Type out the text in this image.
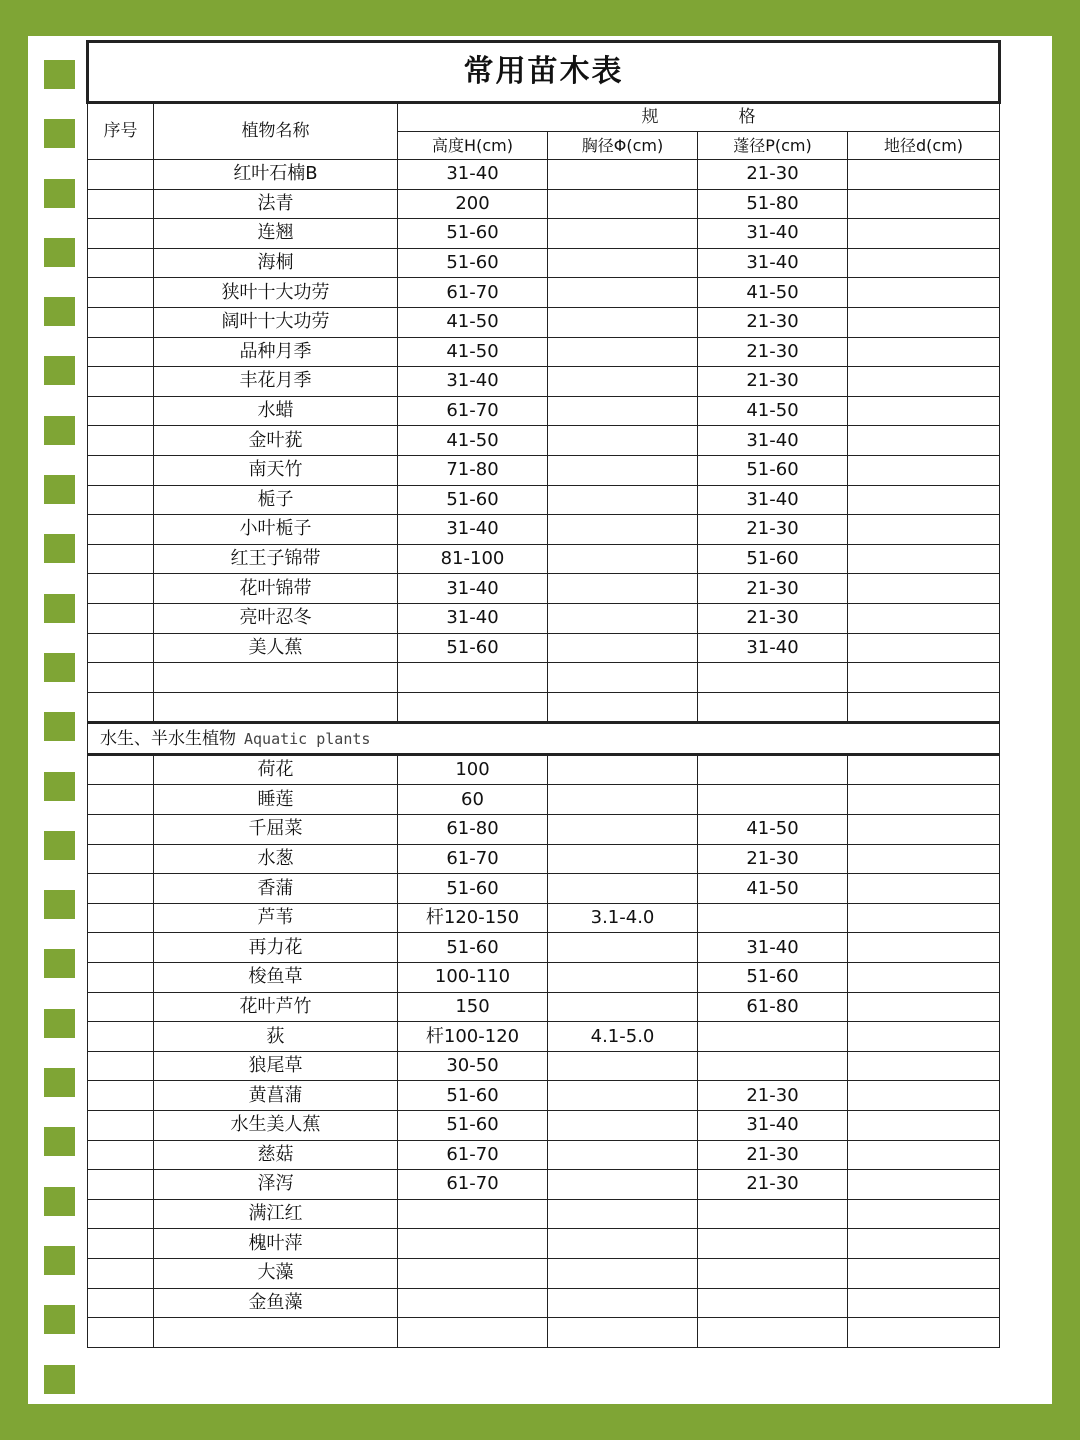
常用苗木表					
序号	植物名称	规 格			
		高度H(cm)	胸径Φ(cm)	蓬径P(cm)	地径d(cm)
	红叶石楠B	31-40		21-30	
	法青	200		51-80	
	连翘	51-60		31-40	
	海桐	51-60		31-40	
	狭叶十大功劳	61-70		41-50	
	阔叶十大功劳	41-50		21-30	
	品种月季	41-50		21-30	
	丰花月季	31-40		21-30	
	水蜡	61-70		41-50	
	金叶莸	41-50		31-40	
	南天竹	71-80		51-60	
	栀子	51-60		31-40	
	小叶栀子	31-40		21-30	
	红王子锦带	81-100		51-60	
	花叶锦带	31-40		21-30	
	亮叶忍冬	31-40		21-30	
	美人蕉	51-60		31-40	

水生、半水生植物 Aquatic plants					
	荷花	100			
	睡莲	60			
	千屈菜	61-80		41-50	
	水葱	61-70		21-30	
	香蒲	51-60		41-50	
	芦苇	杆120-150	3.1-4.0		
	再力花	51-60		31-40	
	梭鱼草	100-110		51-60	
	花叶芦竹	150		61-80	
	荻	杆100-120	4.1-5.0		
	狼尾草	30-50			
	黄菖蒲	51-60		21-30	
	水生美人蕉	51-60		31-40	
	慈菇	61-70		21-30	
	泽泻	61-70		21-30	
	满江红				
	槐叶萍				
	大藻				
	金鱼藻				
